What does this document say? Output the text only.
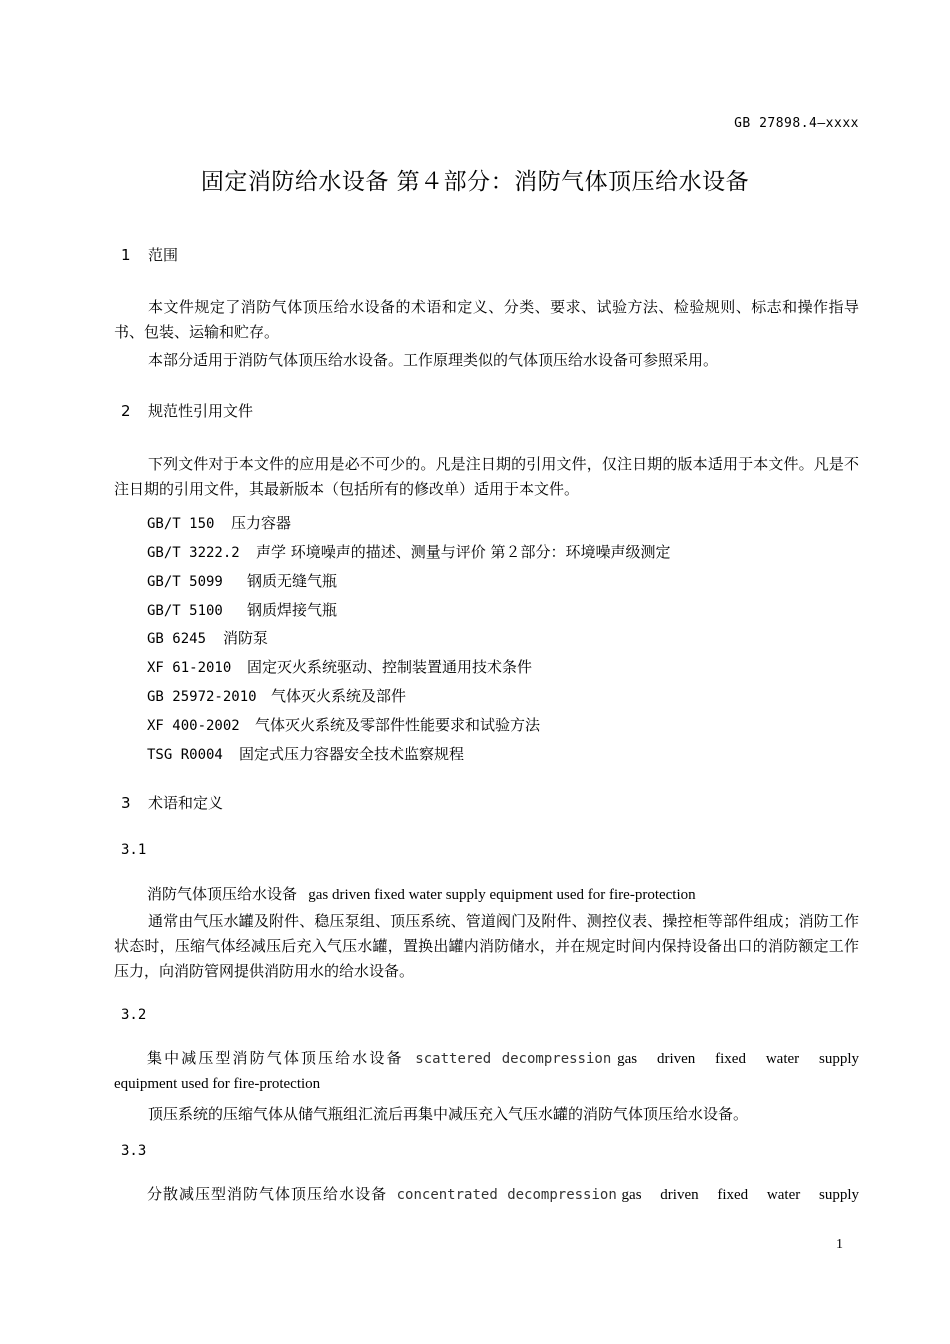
GB 27898.4—xxxx
固定消防给水设备 第４部分：消防气体顶压给水设备
1 范围
本文件规定了消防气体顶压给水设备的术语和定义、分类、要求、试验方法、检验规则、标志和操作指导书、包装、运输和贮存。
本部分适用于消防气体顶压给水设备。工作原理类似的气体顶压给水设备可参照采用。
2 规范性引用文件
下列文件对于本文件的应用是必不可少的。凡是注日期的引用文件，仅注日期的版本适用于本文件。凡是不注日期的引用文件，其最新版本（包括所有的修改单）适用于本文件。
GB/T 150 压力容器
GB/T 3222.2 声学 环境噪声的描述、测量与评价 第２部分：环境噪声级测定
GB/T 5099 钢质无缝气瓶
GB/T 5100 钢质焊接气瓶
GB 6245 消防泵
XF 61-2010 固定灭火系统驱动、控制装置通用技术条件
GB 25972-2010 气体灭火系统及部件
XF 400-2002 气体灭火系统及零部件性能要求和试验方法
TSG R0004 固定式压力容器安全技术监察规程
3 术语和定义
3.1
消防气体顶压给水设备 gas driven fixed water supply equipment used for fire-protection
通常由气压水罐及附件、稳压泵组、顶压系统、管道阀门及附件、测控仪表、操控柜等部件组成；消防工作状态时，压缩气体经减压后充入气压水罐，置换出罐内消防储水，并在规定时间内保持设备出口的消防额定工作压力，向消防管网提供消防用水的给水设备。
3.2
集中减压型消防气体顶压给水设备 scattered decompression gas driven fixed water supply
equipment used for fire-protection
顶压系统的压缩气体从储气瓶组汇流后再集中减压充入气压水罐的消防气体顶压给水设备。
3.3
分散减压型消防气体顶压给水设备 concentrated decompression gas driven fixed water supply
1
